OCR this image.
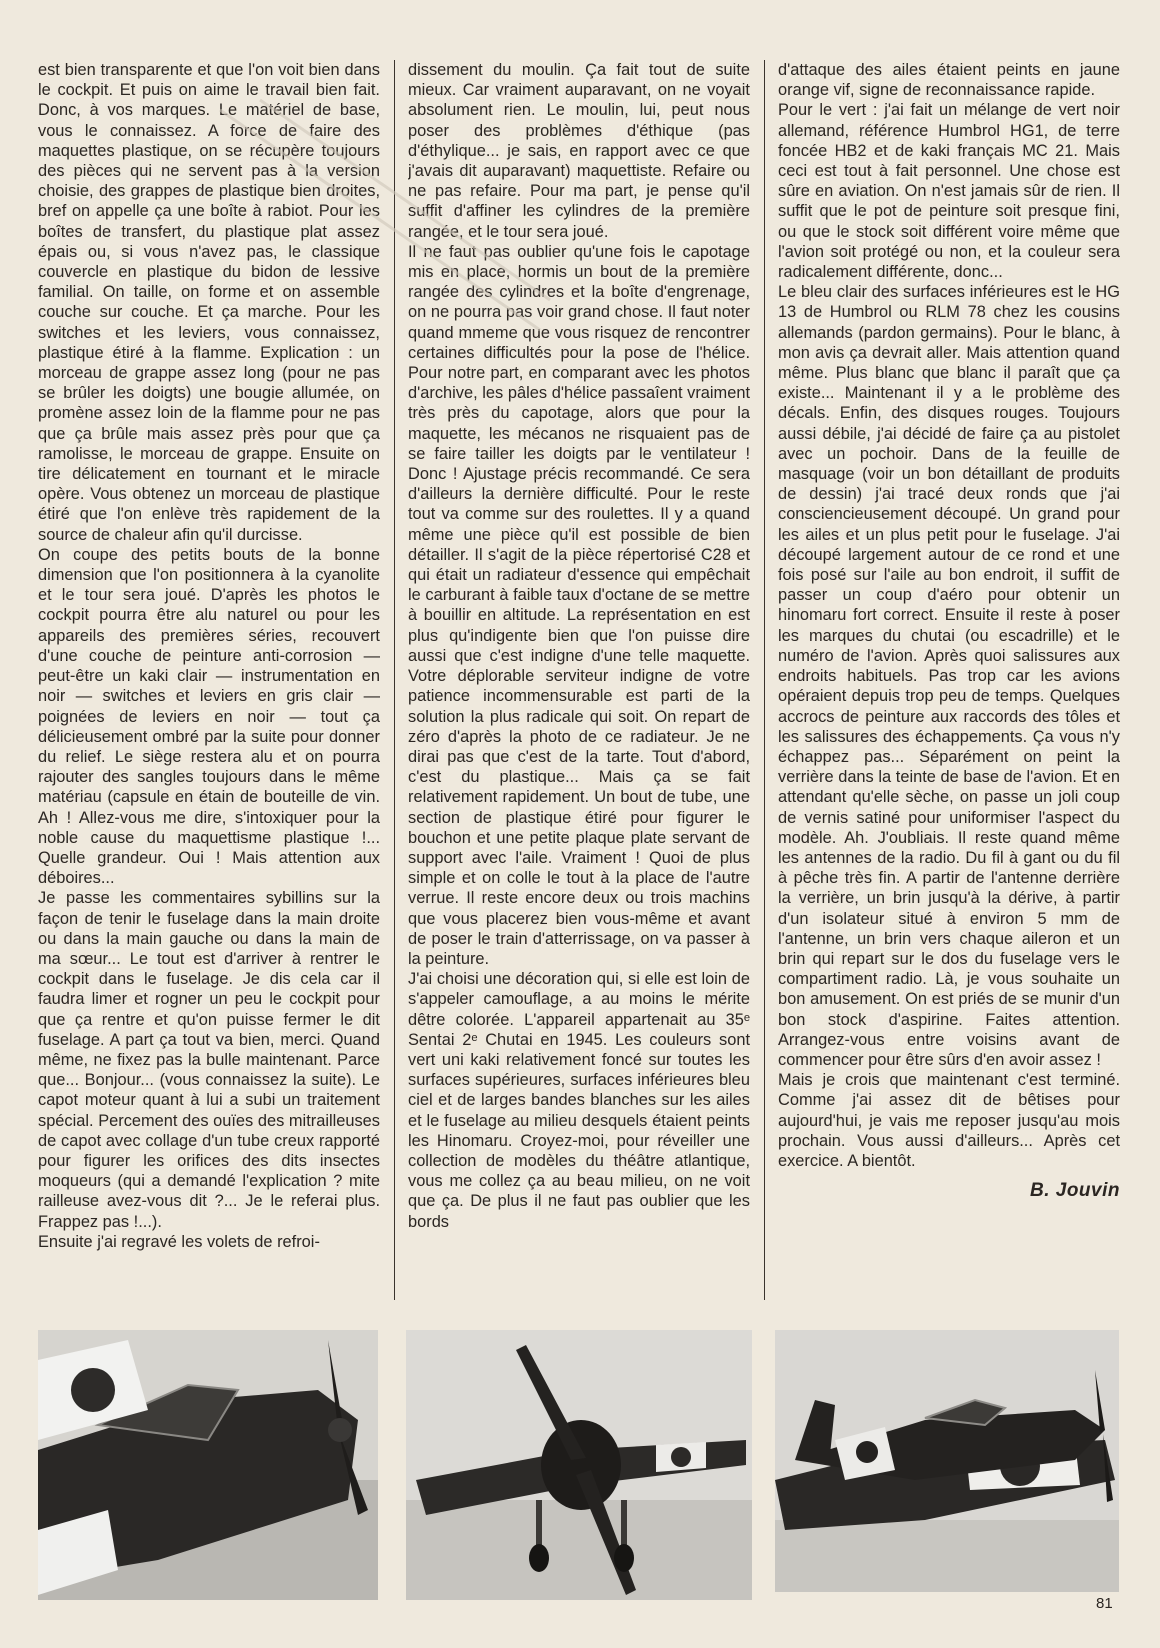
est bien transparente et que l'on voit bien dans le cockpit. Et puis on aime le travail bien fait. Donc, à vos marques. Le matériel de base, vous le connaissez. A force de faire des maquettes plastique, on se récupère toujours des pièces qui ne servent pas à la version choisie, des grappes de plastique bien droites, bref on appelle ça une boîte à rabiot. Pour les boîtes de transfert, du plastique plat assez épais ou, si vous n'avez pas, le classique couvercle en plastique du bidon de lessive familial. On taille, on forme et on assemble couche sur couche. Et ça marche. Pour les switches et les leviers, vous connaissez, plastique étiré à la flamme. Explication : un morceau de grappe assez long (pour ne pas se brûler les doigts) une bougie allumée, on promène assez loin de la flamme pour ne pas que ça brûle mais assez près pour que ça ramolisse, le morceau de grappe. Ensuite on tire délicatement en tournant et le miracle opère. Vous obtenez un morceau de plastique étiré que l'on enlève très rapidement de la source de chaleur afin qu'il durcisse.

On coupe des petits bouts de la bonne dimension que l'on positionnera à la cyanolite et le tour sera joué. D'après les photos le cockpit pourra être alu naturel ou pour les appareils des premières séries, recouvert d'une couche de peinture anti-corrosion — peut-être un kaki clair — instrumentation en noir — switches et leviers en gris clair — poignées de leviers en noir — tout ça délicieusement ombré par la suite pour donner du relief. Le siège restera alu et on pourra rajouter des sangles toujours dans le même matériau (capsule en étain de bouteille de vin. Ah ! Allez-vous me dire, s'intoxiquer pour la noble cause du maquettisme plastique !... Quelle grandeur. Oui ! Mais attention aux déboires...

Je passe les commentaires sybillins sur la façon de tenir le fuselage dans la main droite ou dans la main gauche ou dans la main de ma sœur... Le tout est d'arriver à rentrer le cockpit dans le fuselage. Je dis cela car il faudra limer et rogner un peu le cockpit pour que ça rentre et qu'on puisse fermer le dit fuselage. A part ça tout va bien, merci. Quand même, ne fixez pas la bulle maintenant. Parce que... Bonjour... (vous connaissez la suite). Le capot moteur quant à lui a subi un traitement spécial. Percement des ouïes des mitrailleuses de capot avec collage d'un tube creux rapporté pour figurer les orifices des dits insectes moqueurs (qui a demandé l'explication ? mite railleuse avez-vous dit ?... Je le referai plus. Frappez pas !...).

Ensuite j'ai regravé les volets de refroi-

dissement du moulin. Ça fait tout de suite mieux. Car vraiment auparavant, on ne voyait absolument rien. Le moulin, lui, peut nous poser des problèmes d'éthique (pas d'éthylique... je sais, en rapport avec ce que j'avais dit auparavant) maquettiste. Refaire ou ne pas refaire. Pour ma part, je pense qu'il suffit d'affiner les cylindres de la première rangée, et le tour sera joué.

Il ne faut pas oublier qu'une fois le capotage mis en place, hormis un bout de la première rangée des cylindres et la boîte d'engrenage, on ne pourra pas voir grand chose. Il faut noter quand mmeme que vous risquez de rencontrer certaines difficultés pour la pose de l'hélice. Pour notre part, en comparant avec les photos d'archive, les pâles d'hélice passaîent vraiment très près du capotage, alors que pour la maquette, les mécanos ne risquaient pas de se faire tailler les doigts par le ventilateur ! Donc ! Ajustage précis recommandé. Ce sera d'ailleurs la dernière difficulté. Pour le reste tout va comme sur des roulettes. Il y a quand même une pièce qu'il est possible de bien détailler. Il s'agit de la pièce répertorisé C28 et qui était un radiateur d'essence qui empêchait le carburant à faible taux d'octane de se mettre à bouillir en altitude. La représentation en est plus qu'indigente bien que l'on puisse dire aussi que c'est indigne d'une telle maquette. Votre déplorable serviteur indigne de votre patience incommensurable est parti de la solution la plus radicale qui soit. On repart de zéro d'après la photo de ce radiateur. Je ne dirai pas que c'est de la tarte. Tout d'abord, c'est du plastique... Mais ça se fait relativement rapidement. Un bout de tube, une section de plastique étiré pour figurer le bouchon et une petite plaque plate servant de support avec l'aile. Vraiment ! Quoi de plus simple et on colle le tout à la place de l'autre verrue. Il reste encore deux ou trois machins que vous placerez bien vous-même et avant de poser le train d'atterrissage, on va passer à la peinture.

J'ai choisi une décoration qui, si elle est loin de s'appeler camouflage, a au moins le mérite dêtre colorée. L'appareil appartenait au 35ᵉ Sentai 2ᵉ Chutai en 1945. Les couleurs sont vert uni kaki relativement foncé sur toutes les surfaces supérieures, surfaces inférieures bleu ciel et de larges bandes blanches sur les ailes et le fuselage au milieu desquels étaient peints les Hinomaru. Croyez-moi, pour réveiller une collection de modèles du théâtre atlantique, vous me collez ça au beau milieu, on ne voit que ça. De plus il ne faut pas oublier que les bords

d'attaque des ailes étaient peints en jaune orange vif, signe de reconnaissance rapide.

Pour le vert : j'ai fait un mélange de vert noir allemand, référence Humbrol HG1, de terre foncée HB2 et de kaki français MC 21. Mais ceci est tout à fait personnel. Une chose est sûre en aviation. On n'est jamais sûr de rien. Il suffit que le pot de peinture soit presque fini, ou que le stock soit différent voire même que l'avion soit protégé ou non, et la couleur sera radicalement différente, donc...

Le bleu clair des surfaces inférieures est le HG 13 de Humbrol ou RLM 78 chez les cousins allemands (pardon germains). Pour le blanc, à mon avis ça devrait aller. Mais attention quand même. Plus blanc que blanc il paraît que ça existe... Maintenant il y a le problème des décals. Enfin, des disques rouges. Toujours aussi débile, j'ai décidé de faire ça au pistolet avec un pochoir. Dans de la feuille de masquage (voir un bon détaillant de produits de dessin) j'ai tracé deux ronds que j'ai consciencieusement découpé. Un grand pour les ailes et un plus petit pour le fuselage. J'ai découpé largement autour de ce rond et une fois posé sur l'aile au bon endroit, il suffit de passer un coup d'aéro pour obtenir un hinomaru fort correct. Ensuite il reste à poser les marques du chutai (ou escadrille) et le numéro de l'avion. Après quoi salissures aux endroits habituels. Pas trop car les avions opéraient depuis trop peu de temps. Quelques accrocs de peinture aux raccords des tôles et les salissures des échappements. Ça vous n'y échappez pas... Séparément on peint la verrière dans la teinte de base de l'avion. Et en attendant qu'elle sèche, on passe un joli coup de vernis satiné pour uniformiser l'aspect du modèle. Ah. J'oubliais. Il reste quand même les antennes de la radio. Du fil à gant ou du fil à pêche très fin. A partir de l'antenne derrière la verrière, un brin jusqu'à la dérive, à partir d'un isolateur situé à environ 5 mm de l'antenne, un brin vers chaque aileron et un brin qui repart sur le dos du fuselage vers le compartiment radio. Là, je vous souhaite un bon amusement. On est priés de se munir d'un bon stock d'aspirine. Faites attention. Arrangez-vous entre voisins avant de commencer pour être sûrs d'en avoir assez !

Mais je crois que maintenant c'est terminé. Comme j'ai assez dit de bêtises pour aujourd'hui, je vais me reposer jusqu'au mois prochain. Vous aussi d'ailleurs... Après cet exercice. A bientôt.

B. Jouvin

81
